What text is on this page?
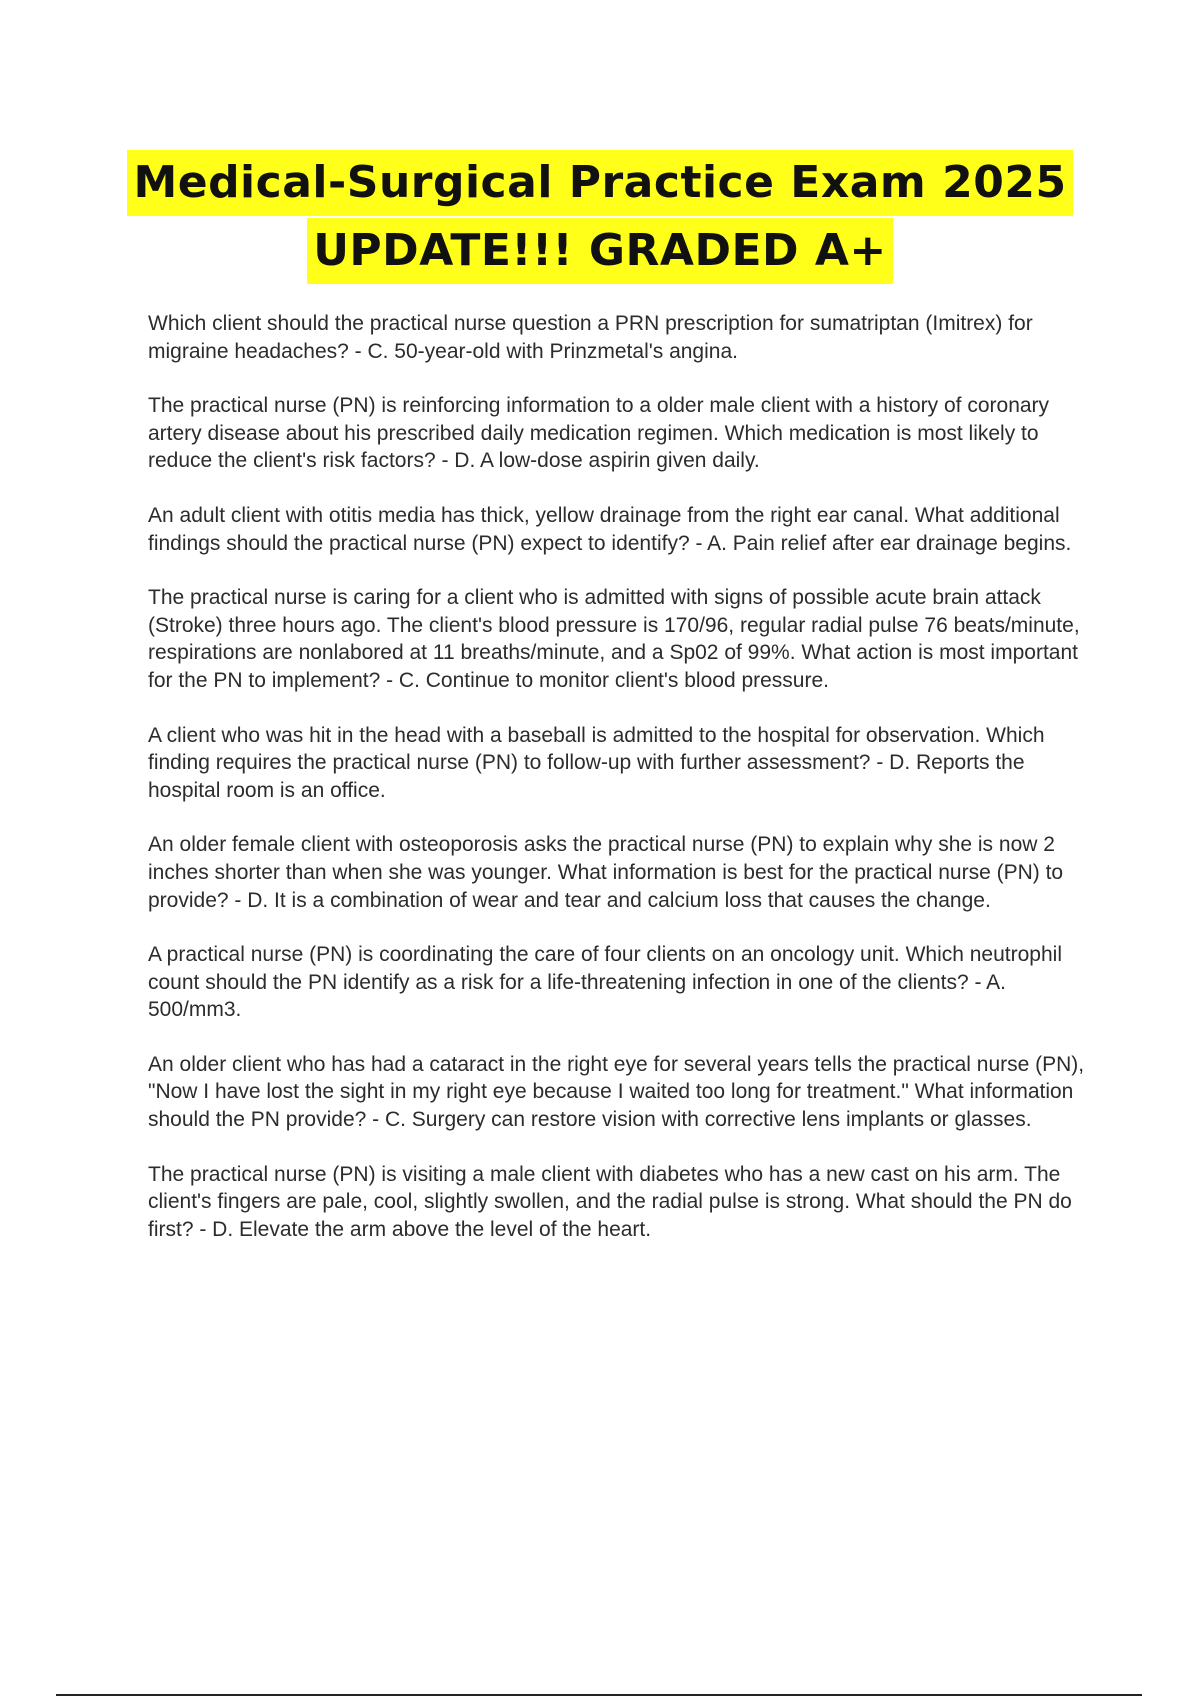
Medical-Surgical Practice Exam 2025
UPDATE!!! GRADED A+

Which client should the practical nurse question a PRN prescription for sumatriptan (Imitrex) for migraine headaches? - C. 50-year-old with Prinzmetal's angina.

The practical nurse (PN) is reinforcing information to a older male client with a history of coronary artery disease about his prescribed daily medication regimen. Which medication is most likely to reduce the client's risk factors? - D. A low-dose aspirin given daily.

An adult client with otitis media has thick, yellow drainage from the right ear canal. What additional findings should the practical nurse (PN) expect to identify? - A. Pain relief after ear drainage begins.

The practical nurse is caring for a client who is admitted with signs of possible acute brain attack (Stroke) three hours ago. The client's blood pressure is 170/96, regular radial pulse 76 beats/minute, respirations are nonlabored at 11 breaths/minute, and a Sp02 of 99%. What action is most important for the PN to implement? - C. Continue to monitor client's blood pressure.

A client who was hit in the head with a baseball is admitted to the hospital for observation. Which finding requires the practical nurse (PN) to follow-up with further assessment? - D. Reports the hospital room is an office.

An older female client with osteoporosis asks the practical nurse (PN) to explain why she is now 2 inches shorter than when she was younger. What information is best for the practical nurse (PN) to provide? - D. It is a combination of wear and tear and calcium loss that causes the change.

A practical nurse (PN) is coordinating the care of four clients on an oncology unit. Which neutrophil count should the PN identify as a risk for a life-threatening infection in one of the clients? - A. 500/mm3.

An older client who has had a cataract in the right eye for several years tells the practical nurse (PN), "Now I have lost the sight in my right eye because I waited too long for treatment." What information should the PN provide? - C. Surgery can restore vision with corrective lens implants or glasses.

The practical nurse (PN) is visiting a male client with diabetes who has a new cast on his arm. The client's fingers are pale, cool, slightly swollen, and the radial pulse is strong. What should the PN do first? - D. Elevate the arm above the level of the heart.
